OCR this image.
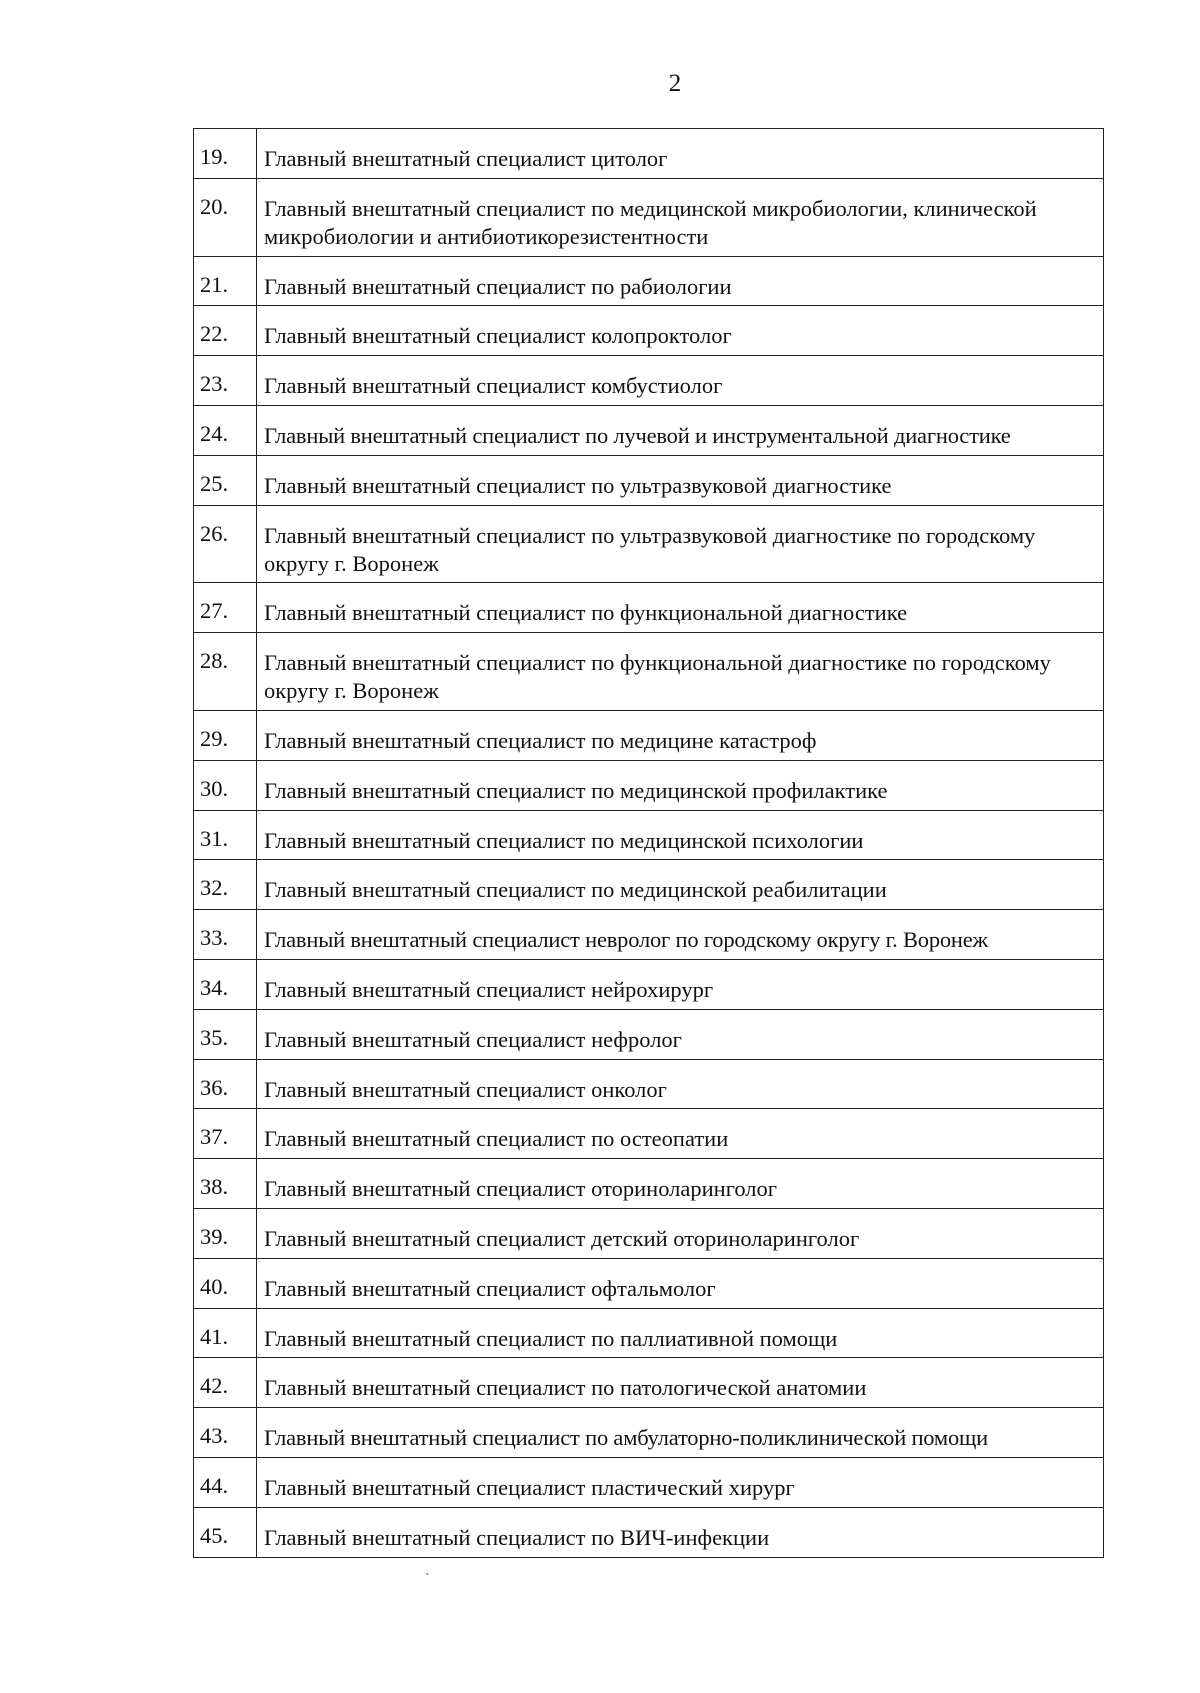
2
19.	Главный внештатный специалист цитолог
20.	Главный внештатный специалист по медицинской микробиологии, клинической микробиологии и антибиотикорезистентности
21.	Главный внештатный специалист по рабиологии
22.	Главный внештатный специалист колопроктолог
23.	Главный внештатный специалист комбустиолог
24.	Главный внештатный специалист по лучевой и инструментальной диагностике
25.	Главный внештатный специалист по ультразвуковой диагностике
26.	Главный внештатный специалист по ультразвуковой диагностике по городскому округу г. Воронеж
27.	Главный внештатный специалист по функциональной диагностике
28.	Главный внештатный специалист по функциональной диагностике по городскому округу г. Воронеж
29.	Главный внештатный специалист по медицине катастроф
30.	Главный внештатный специалист по медицинской профилактике
31.	Главный внештатный специалист по медицинской психологии
32.	Главный внештатный специалист по медицинской реабилитации
33.	Главный внештатный специалист невролог по городскому округу г. Воронеж
34.	Главный внештатный специалист нейрохирург
35.	Главный внештатный специалист нефролог
36.	Главный внештатный специалист онколог
37.	Главный внештатный специалист по остеопатии
38.	Главный внештатный специалист оториноларинголог
39.	Главный внештатный специалист детский оториноларинголог
40.	Главный внештатный специалист офтальмолог
41.	Главный внештатный специалист по паллиативной помощи
42.	Главный внештатный специалист по патологической анатомии
43.	Главный внештатный специалист по амбулаторно-поликлинической помощи
44.	Главный внештатный специалист пластический хирург
45.	Главный внештатный специалист по ВИЧ-инфекции
ˏ
